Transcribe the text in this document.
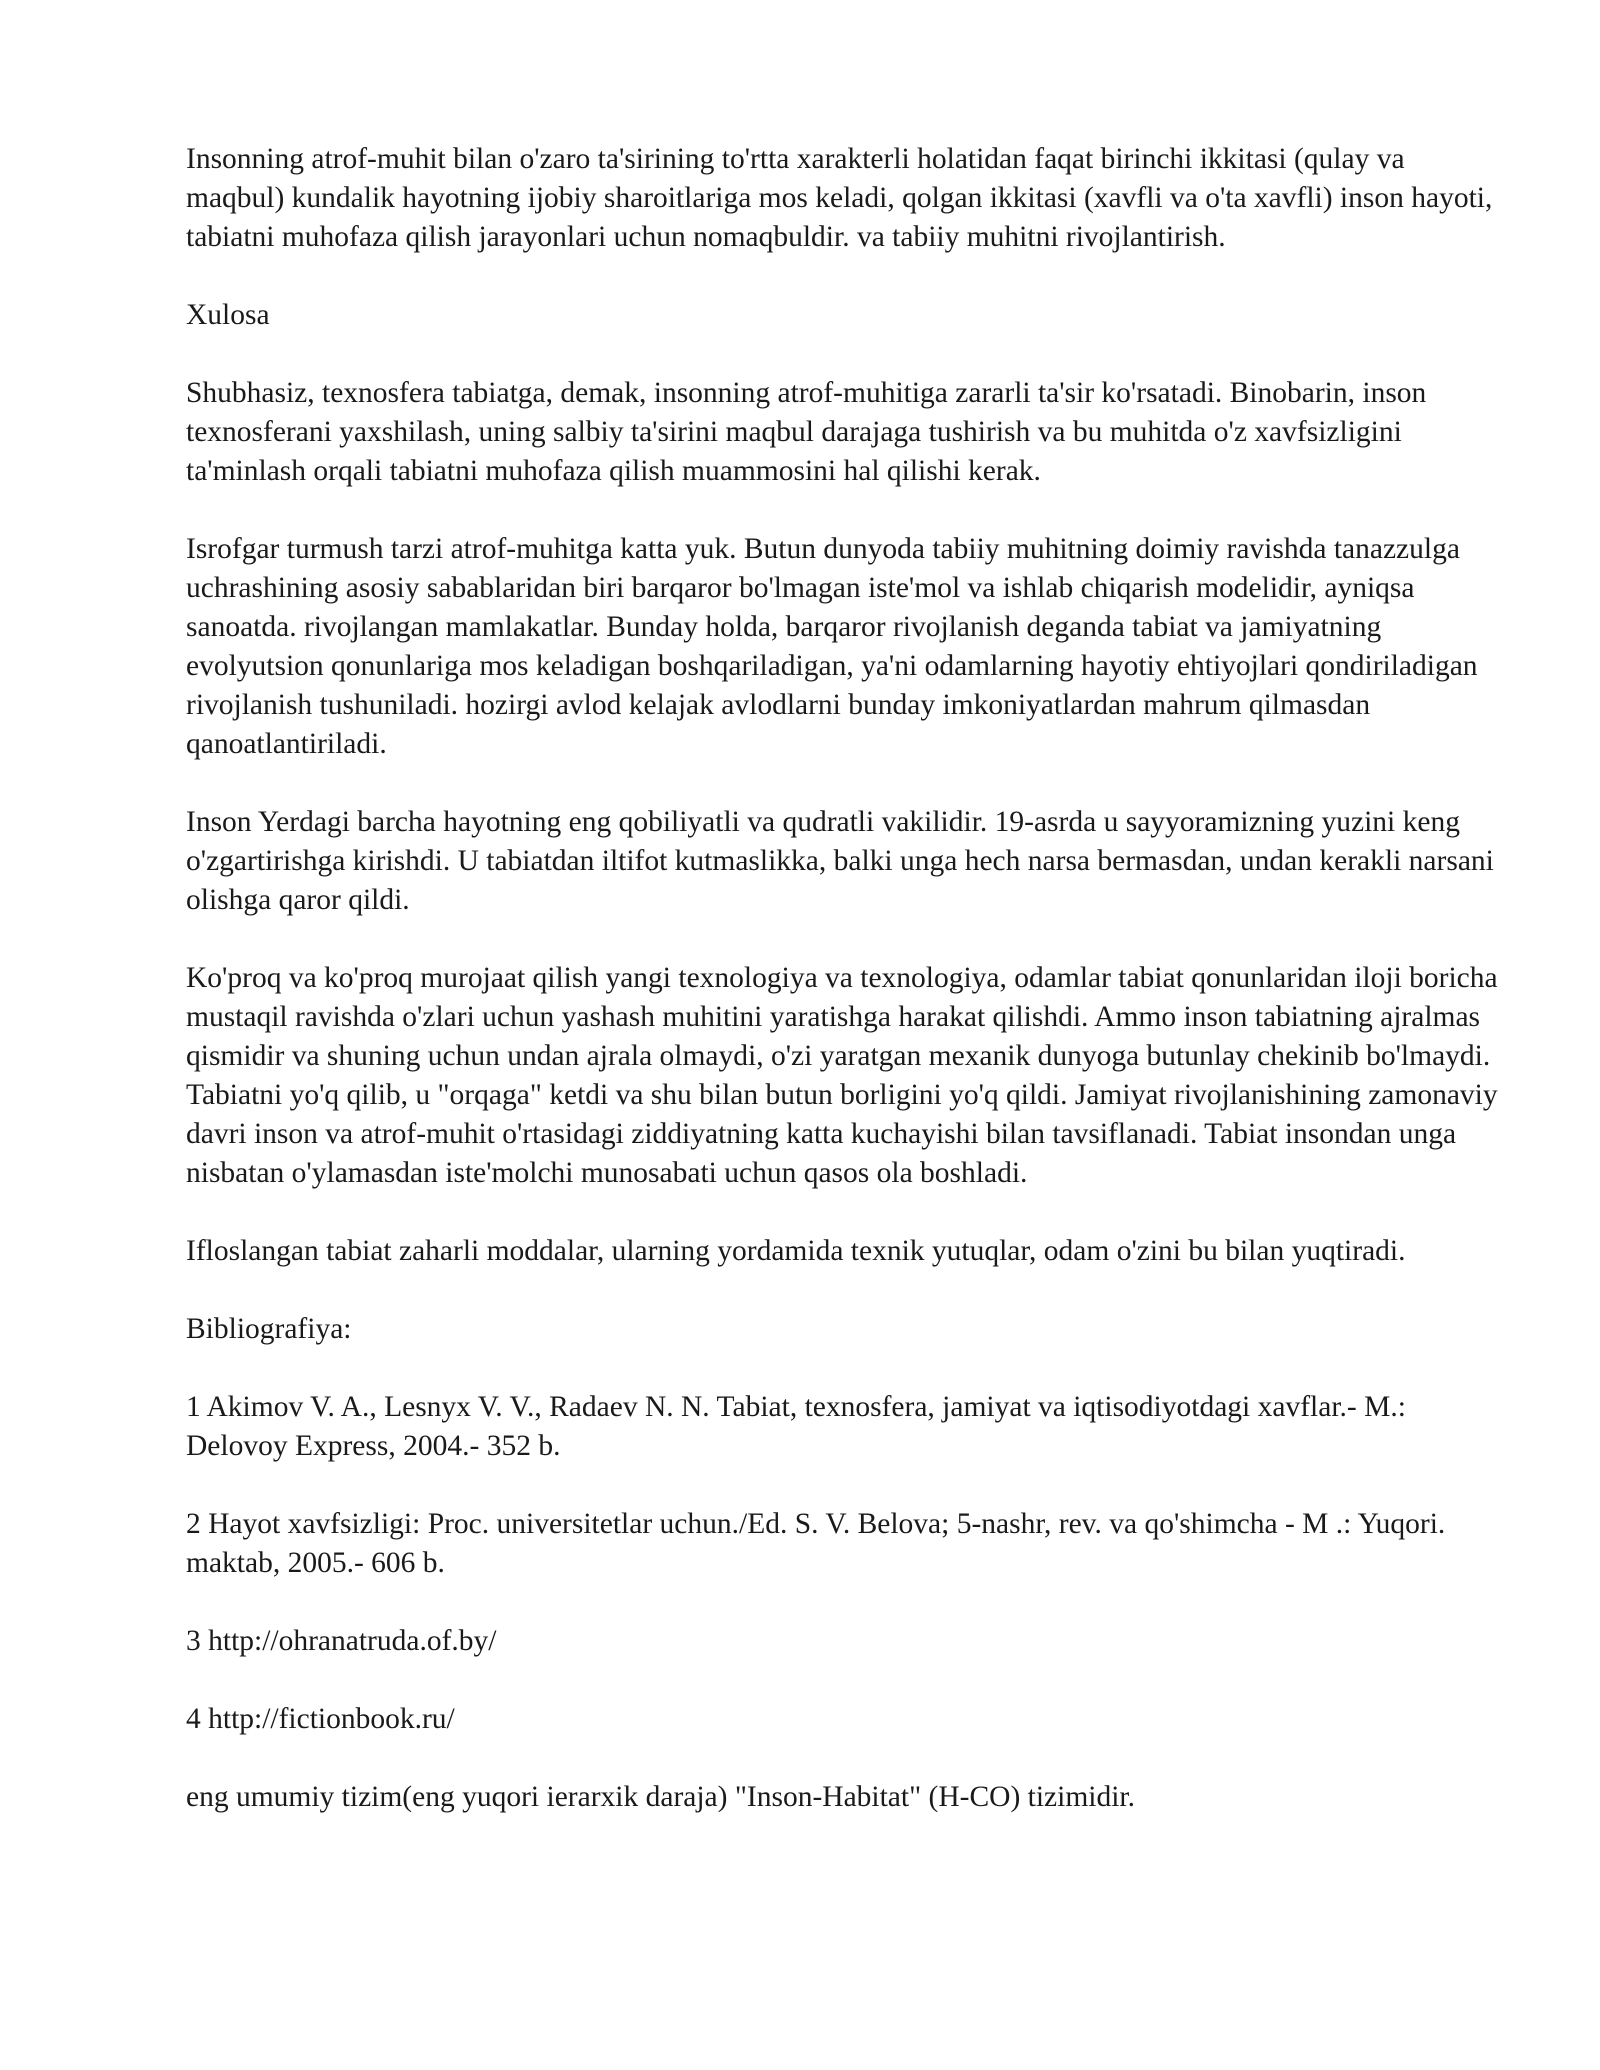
Insonning atrof-muhit bilan o'zaro ta'sirining to'rtta xarakterli holatidan faqat birinchi ikkitasi (qulay va maqbul) kundalik hayotning ijobiy sharoitlariga mos keladi, qolgan ikkitasi (xavfli va o'ta xavfli) inson hayoti, tabiatni muhofaza qilish jarayonlari uchun nomaqbuldir. va tabiiy muhitni rivojlantirish.

Xulosa

Shubhasiz, texnosfera tabiatga, demak, insonning atrof-muhitiga zararli ta'sir ko'rsatadi. Binobarin, inson texnosferani yaxshilash, uning salbiy ta'sirini maqbul darajaga tushirish va bu muhitda o'z xavfsizligini ta'minlash orqali tabiatni muhofaza qilish muammosini hal qilishi kerak.

Isrofgar turmush tarzi atrof-muhitga katta yuk. Butun dunyoda tabiiy muhitning doimiy ravishda tanazzulga uchrashining asosiy sabablaridan biri barqaror bo'lmagan iste'mol va ishlab chiqarish modelidir, ayniqsa sanoatda. rivojlangan mamlakatlar. Bunday holda, barqaror rivojlanish deganda tabiat va jamiyatning evolyutsion qonunlariga mos keladigan boshqariladigan, ya'ni odamlarning hayotiy ehtiyojlari qondiriladigan rivojlanish tushuniladi. hozirgi avlod kelajak avlodlarni bunday imkoniyatlardan mahrum qilmasdan qanoatlantiriladi.

Inson Yerdagi barcha hayotning eng qobiliyatli va qudratli vakilidir. 19-asrda u sayyoramizning yuzini keng o'zgartirishga kirishdi. U tabiatdan iltifot kutmaslikka, balki unga hech narsa bermasdan, undan kerakli narsani olishga qaror qildi.

Ko'proq va ko'proq murojaat qilish yangi texnologiya va texnologiya, odamlar tabiat qonunlaridan iloji boricha mustaqil ravishda o'zlari uchun yashash muhitini yaratishga harakat qilishdi. Ammo inson tabiatning ajralmas qismidir va shuning uchun undan ajrala olmaydi, o'zi yaratgan mexanik dunyoga butunlay chekinib bo'lmaydi. Tabiatni yo'q qilib, u "orqaga" ketdi va shu bilan butun borligini yo'q qildi. Jamiyat rivojlanishining zamonaviy davri inson va atrof-muhit o'rtasidagi ziddiyatning katta kuchayishi bilan tavsiflanadi. Tabiat insondan unga nisbatan o'ylamasdan iste'molchi munosabati uchun qasos ola boshladi.

Ifloslangan tabiat zaharli moddalar, ularning yordamida texnik yutuqlar, odam o'zini bu bilan yuqtiradi.

Bibliografiya:

1 Akimov V. A., Lesnyx V. V., Radaev N. N. Tabiat, texnosfera, jamiyat va iqtisodiyotdagi xavflar.- M.: Delovoy Express, 2004.- 352 b.

2 Hayot xavfsizligi: Proc. universitetlar uchun./Ed. S. V. Belova; 5-nashr, rev. va qo'shimcha - M .: Yuqori. maktab, 2005.- 606 b.

3 http://ohranatruda.of.by/

4 http://fictionbook.ru/

eng umumiy tizim(eng yuqori ierarxik daraja) "Inson-Habitat" (H-CO) tizimidir.
